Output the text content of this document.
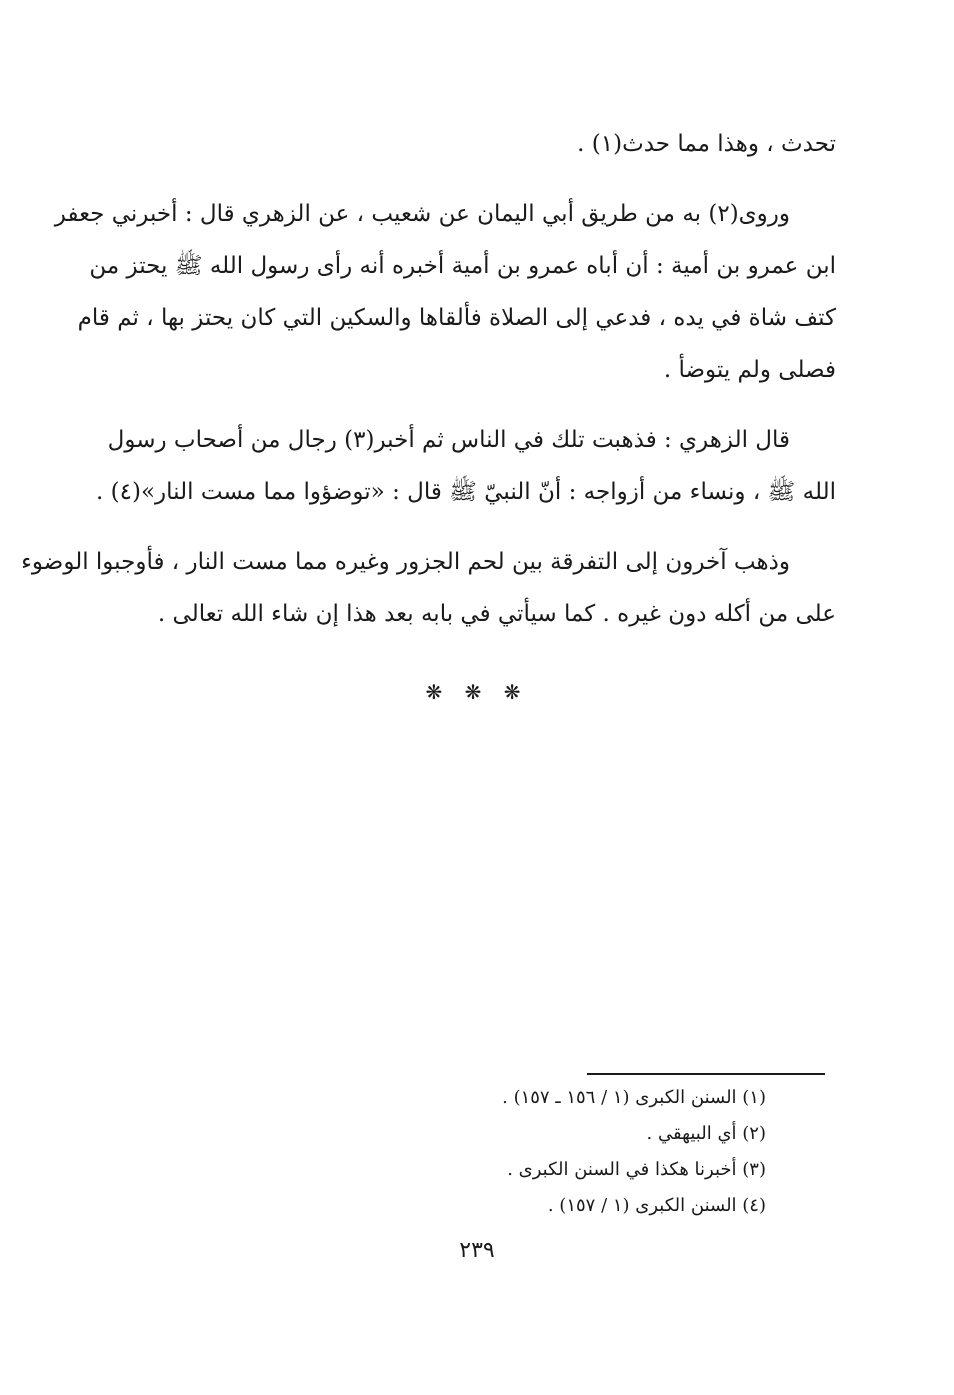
تحدث ، وهذا مما حدث(١) .
وروى(٢) به من طريق أبي اليمان عن شعيب ، عن الزهري قال : أخبرني جعفر
ابن عمرو بن أمية : أن أباه عمرو بن أمية أخبره أنه رأى رسول الله ﷺ يحتز من
كتف شاة في يده ، فدعي إلى الصلاة فألقاها والسكين التي كان يحتز بها ، ثم قام
فصلى ولم يتوضأ .
قال الزهري : فذهبت تلك في الناس ثم أخبر(٣) رجال من أصحاب رسول
الله ﷺ ، ونساء من أزواجه : أنّ النبيّ ﷺ قال : «توضؤوا مما مست النار»(٤) .
وذهب آخرون إلى التفرقة بين لحم الجزور وغيره مما مست النار ، فأوجبوا الوضوء
على من أكله دون غيره . كما سيأتي في بابه بعد هذا إن شاء الله تعالى .
❋ ❋ ❋
(١) السنن الكبرى (١ / ١٥٦ ـ ١٥٧) .
(٢) أي البيهقي .
(٣) أخبرنا هكذا في السنن الكبرى .
(٤) السنن الكبرى (١ / ١٥٧) .
٢٣٩
